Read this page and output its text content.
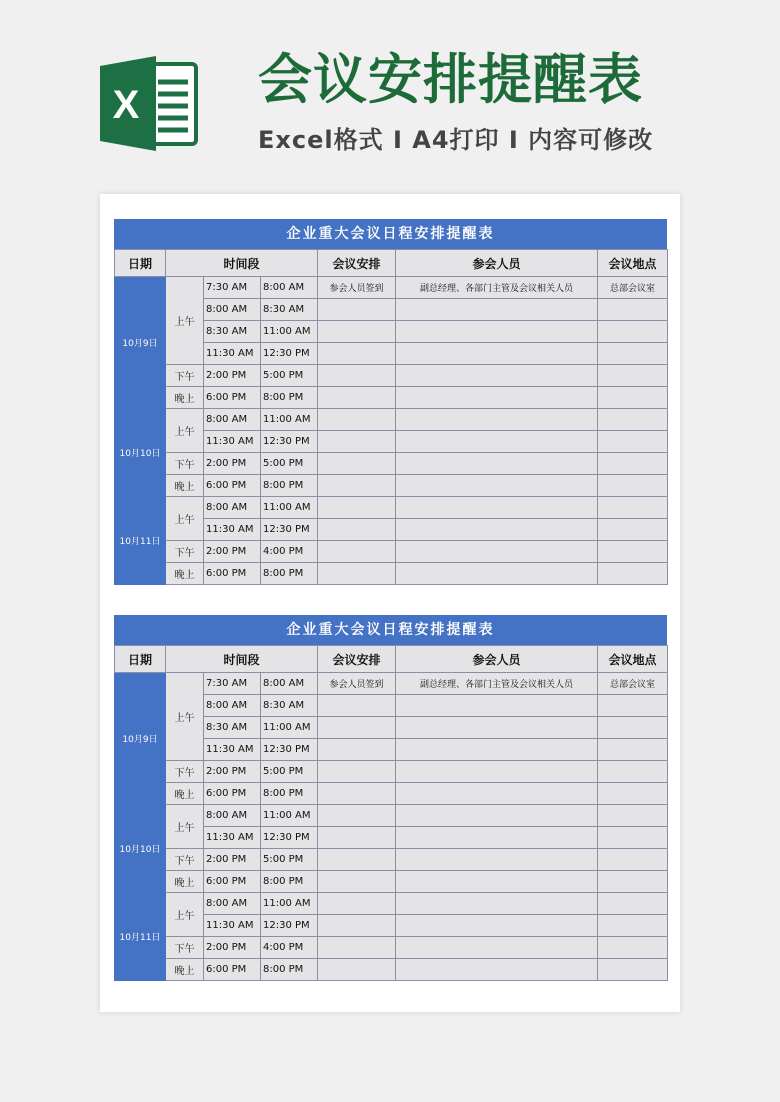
X 会议安排提醒表
Excel格式 I A4打印 I 内容可修改
企业重大会议日程安排提醒表
日期	时间段			会议安排	参会人员	会议地点
10月9日	上午	7:30 AM	8:00 AM	参会人员签到	副总经理、各部门主管及会议相关人员	总部会议室
		8:00 AM	8:30 AM			
		8:30 AM	11:00 AM			
		11:30 AM	12:30 PM			
	下午	2:00 PM	5:00 PM			
	晚上	6:00 PM	8:00 PM			
10月10日	上午	8:00 AM	11:00 AM			
		11:30 AM	12:30 PM			
	下午	2:00 PM	5:00 PM			
	晚上	6:00 PM	8:00 PM			
10月11日	上午	8:00 AM	11:00 AM			
		11:30 AM	12:30 PM			
	下午	2:00 PM	4:00 PM			
	晚上	6:00 PM	8:00 PM			
企业重大会议日程安排提醒表
日期	时间段			会议安排	参会人员	会议地点
10月9日	上午	7:30 AM	8:00 AM	参会人员签到	副总经理、各部门主管及会议相关人员	总部会议室
		8:00 AM	8:30 AM			
		8:30 AM	11:00 AM			
		11:30 AM	12:30 PM			
	下午	2:00 PM	5:00 PM			
	晚上	6:00 PM	8:00 PM			
10月10日	上午	8:00 AM	11:00 AM			
		11:30 AM	12:30 PM			
	下午	2:00 PM	5:00 PM			
	晚上	6:00 PM	8:00 PM			
10月11日	上午	8:00 AM	11:00 AM			
		11:30 AM	12:30 PM			
	下午	2:00 PM	4:00 PM			
	晚上	6:00 PM	8:00 PM			
